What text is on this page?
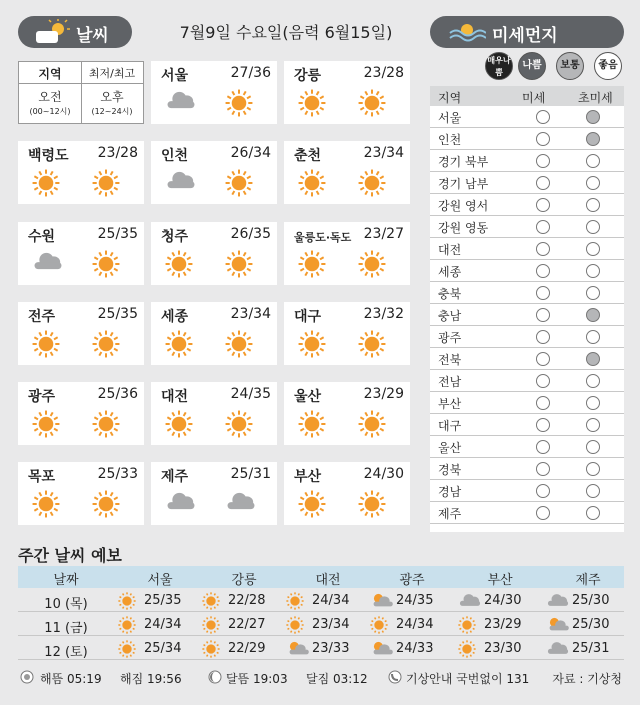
날씨	7월9일 수요일(음력 6월15일)	미세먼지
매우나쁨
나쁨	보통	좋음
지역	최저/최고
오전
(00~12시)
오후
(12~24시)
서울	27/36 강릉	23/28
백령도 23/28 인천	26/34 춘천	23/34
수원	25/35 청주	26/35 울릉도·독도 23/27
전주	25/35 세종	23/34 대구	23/32
광주	25/36 대전	24/35 울산	23/29
목포	25/33 제주	25/31 부산	24/30
지역	미세	초미세
서울
인천
경기 북부
경기 남부
강원 영서
강원 영동
대전
세종
충북
충남
광주
전북
전남
부산
대구
울산
경북
경남
제주
주간 날씨 예보
날짜	서울	강릉	대전	광주	부산	제주
10 (목)	25/35	22/28	24/34	24/35	24/30	25/30
11 (금)	24/34	22/27	23/34	24/34	23/29	25/30
12 (토)	25/34	22/29	23/33	24/33	23/30	25/31
해뜸 05:19 해짐 19:56	달뜸 19:03 달짐 03:12	기상안내 국번없이 131 자료 : 기상청
